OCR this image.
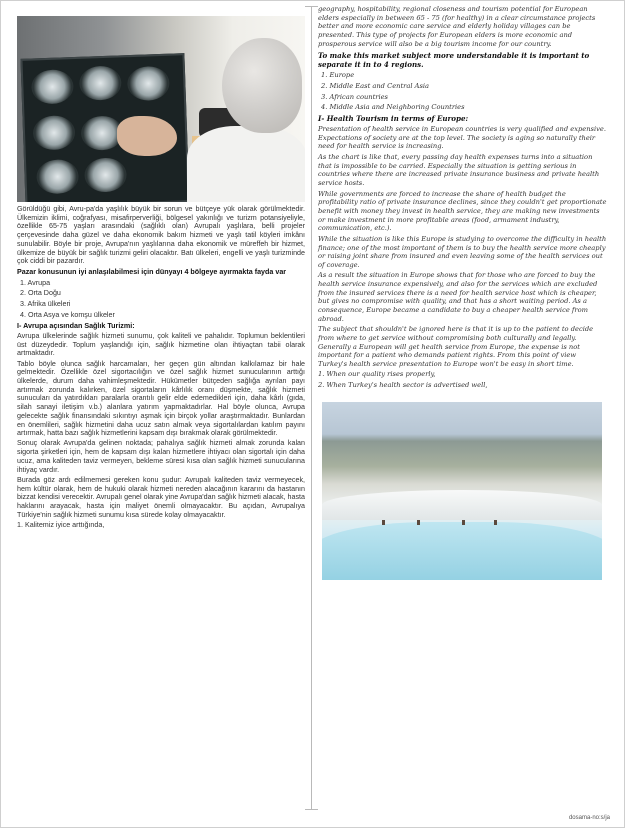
Görüldüğü gibi, Avru-pa'da yaşlılık büyük bir sorun ve bütçeye yük olarak görülmektedir. Ülkemizin iklimi, coğrafyası, misafirperverliği, bölgesel yakınlığı ve turizm potansiyeliyle, özellikle 65-75 yaşları arasındaki (sağlıklı olan) Avrupalı yaşlılara, belli projeler çerçevesinde daha güzel ve daha ekonomik bakım hizmeti ve yaşlı tatil köyleri imkânı sunulabilir. Böyle bir proje, Avrupa'nın yaşlılarına daha ekonomik ve müreffeh bir hizmet, ülkemize de büyük bir sağlık turizmi geliri olacaktır. Batı ülkeleri, engelli ve yaşlı turizminde çok ciddi bir pazardır.

Pazar konusunun iyi anlaşılabilmesi için dünyayı 4 bölgeye ayırmakta fayda var

1. Avrupa

2. Orta Doğu

3. Afrika ülkeleri

4. Orta Asya ve komşu ülkeler

I- Avrupa açısından Sağlık Turizmi:

Avrupa ülkelerinde sağlık hizmeti sunumu, çok kaliteli ve pahalıdır. Toplumun beklentileri üst düzeydedir. Toplum yaşlandığı için, sağlık hizmetine olan ihtiyaçtan tabii olarak artmaktadır.

Tablo böyle olunca sağlık harcamaları, her geçen gün altından kalkılamaz bir hale gelmektedir. Özellikle özel sigortacılığın ve özel sağlık hizmet sunucularının arttığı ülkelerde, durum daha vahimleşmektedir. Hükümetler bütçeden sağlığa ayrılan payı artırmak zorunda kalırken, özel sigortaların kârlılık oranı düşmekte, sağlık hizmeti sunucuları da yatırdıkları paralarla orantılı gelir elde edemedikleri için, daha kârlı (gıda, silah sanayi iletişim v.b.) alanlara yatırım yapmaktadırlar. Hal böyle olunca, Avrupa gelecekte sağlık finansındaki sıkıntıyı aşmak için birçok yollar araştırmaktadır. Bunlardan en önemlileri, sağlık hizmetini daha ucuz satın almak veya sigortalılardan katılım payını artırmak, hatta bazı sağlık hizmetlerini kapsam dışı bırakmak olarak görülmektedir.

Sonuç olarak Avrupa'da gelinen noktada; pahalıya sağlık hizmeti almak zorunda kalan sigorta şirketleri için, hem de kapsam dışı kalan hizmetlere ihtiyacı olan sigortalı için daha ucuz, ama kaliteden taviz vermeyen, bekleme süresi kısa olan sağlık hizmeti sunucularına ihtiyaç vardır.

Burada göz ardı edilmemesi gereken konu şudur: Avrupalı kaliteden taviz vermeyecek, hem kültür olarak, hem de hukuki olarak hizmeti nereden alacağının kararını da hastanın bizzat kendisi verecektir. Avrupalı genel olarak yine Avrupa'dan sağlık hizmeti alacak, hasta haklarını arayacak, hasta için maliyet önemli olmayacaktır. Bu açıdan, Avrupalıya Türkiye'nin sağlık hizmeti sunumu kısa sürede kolay olmayacaktır.

1. Kalitemiz iyice arttığında,

geography, hospitability, regional closeness and tourism potential for European elders especially in between 65 - 75 (for healthy) in a clear circumstance projects better and more economic care service and elderly holiday villages can be presented. This type of projects for European elders is more economic and prosperous service will also be a big tourism income for our country.

To make this market subject more understandable it is important to separate it in to 4 regions.

1. Europe

2. Middle East and Central Asia

3. African countries

4. Middle Asia and Neighboring Countries

I- Health Tourism in terms of Europe:

Presentation of health service in European countries is very qualified and expensive. Expectations of society are at the top level. The society is aging so naturally their need for health service is increasing.

As the chart is like that, every passing day health expenses turns into a situation that is impossible to be carried. Especially the situation is getting serious in countries where there are increased private insurance business and private health service hosts.

While governments are forced to increase the share of health budget the profitability ratio of private insurance declines, since they couldn't get proportionate benefit with money they invest in health service, they are making new investments or make investment in more profitable areas (food, armament industry, communication, etc.).

While the situation is like this Europe is studying to overcome the difficulty in health finance; one of the most important of them is to buy the health service more cheaply or raising joint share from insured and even leaving some of the health services out of coverage.

As a result the situation in Europe shows that for those who are forced to buy the health service insurance expensively, and also for the services which are excluded from the insured services there is a need for health service host which is cheaper, but gives no compromise with quality, and that has a short waiting period. As a consequence, Europe became a candidate to buy a cheaper health service from abroad.

The subject that shouldn't be ignored here is that it is up to the patient to decide from where to get service without compromising both culturally and legally. Generally a European will get health service from Europe, the expense is not important for a patient who demands patient rights. From this point of view Turkey's health service presentation to Europe won't be easy in short time.

1. When our quality rises properly,

2. When Turkey's health sector is advertised well,

dosama-no:s/ja
